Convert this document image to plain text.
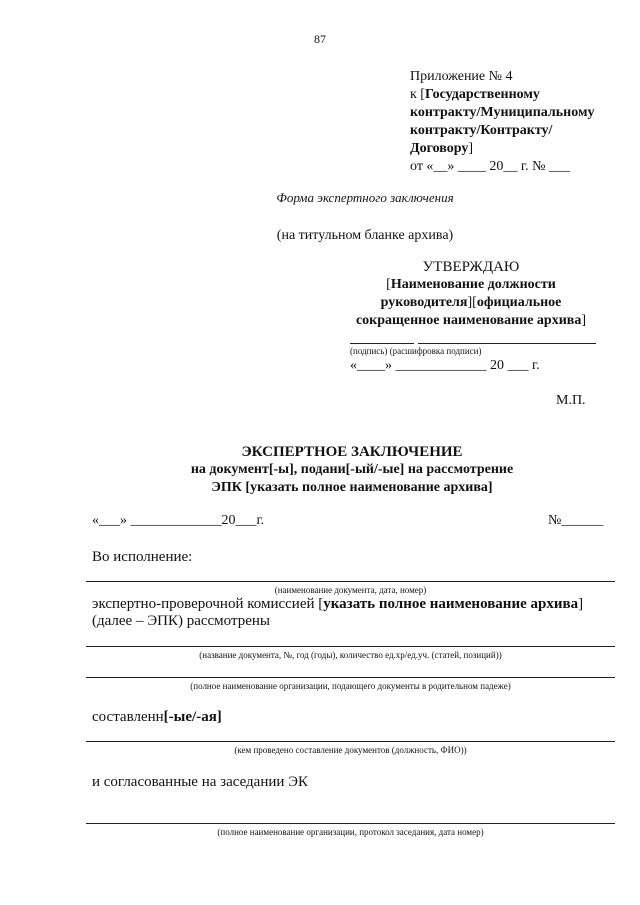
87
Приложение № 4
к [Государственному
контракту/Муниципальному
контракту/Контракту/
Договору]
от «__» ____ 20__ г. № ___
Форма экспертного заключения
(на титульном бланке архива)
УТВЕРЖДАЮ
[Наименование должности
руководителя][официальное
сокращенное наименование архива]
(подпись) (расшифровка подписи)
«____» _____________ 20 ___ г.
М.П.
ЭКСПЕРТНОЕ ЗАКЛЮЧЕНИЕ
на документ[-ы], подани[-ый/-ые] на рассмотрение
ЭПК [указать полное наименование архива]
«___» _____________20___г.	№______
Во исполнение:
(наименование документа, дата, номер)
экспертно-проверочной комиссией [указать полное наименование архива]
(далее – ЭПК) рассмотрены
(название документа, №, год (годы), количество ед.хр/ед.уч. (статей, позиций))
(полное наименование организации, подающего документы в родительном падеже)
составленн[-ые/-ая]
(кем проведено составление документов (должность, ФИО))
и согласованные на заседании ЭК
(полное наименование организации, протокол заседания, дата номер)
